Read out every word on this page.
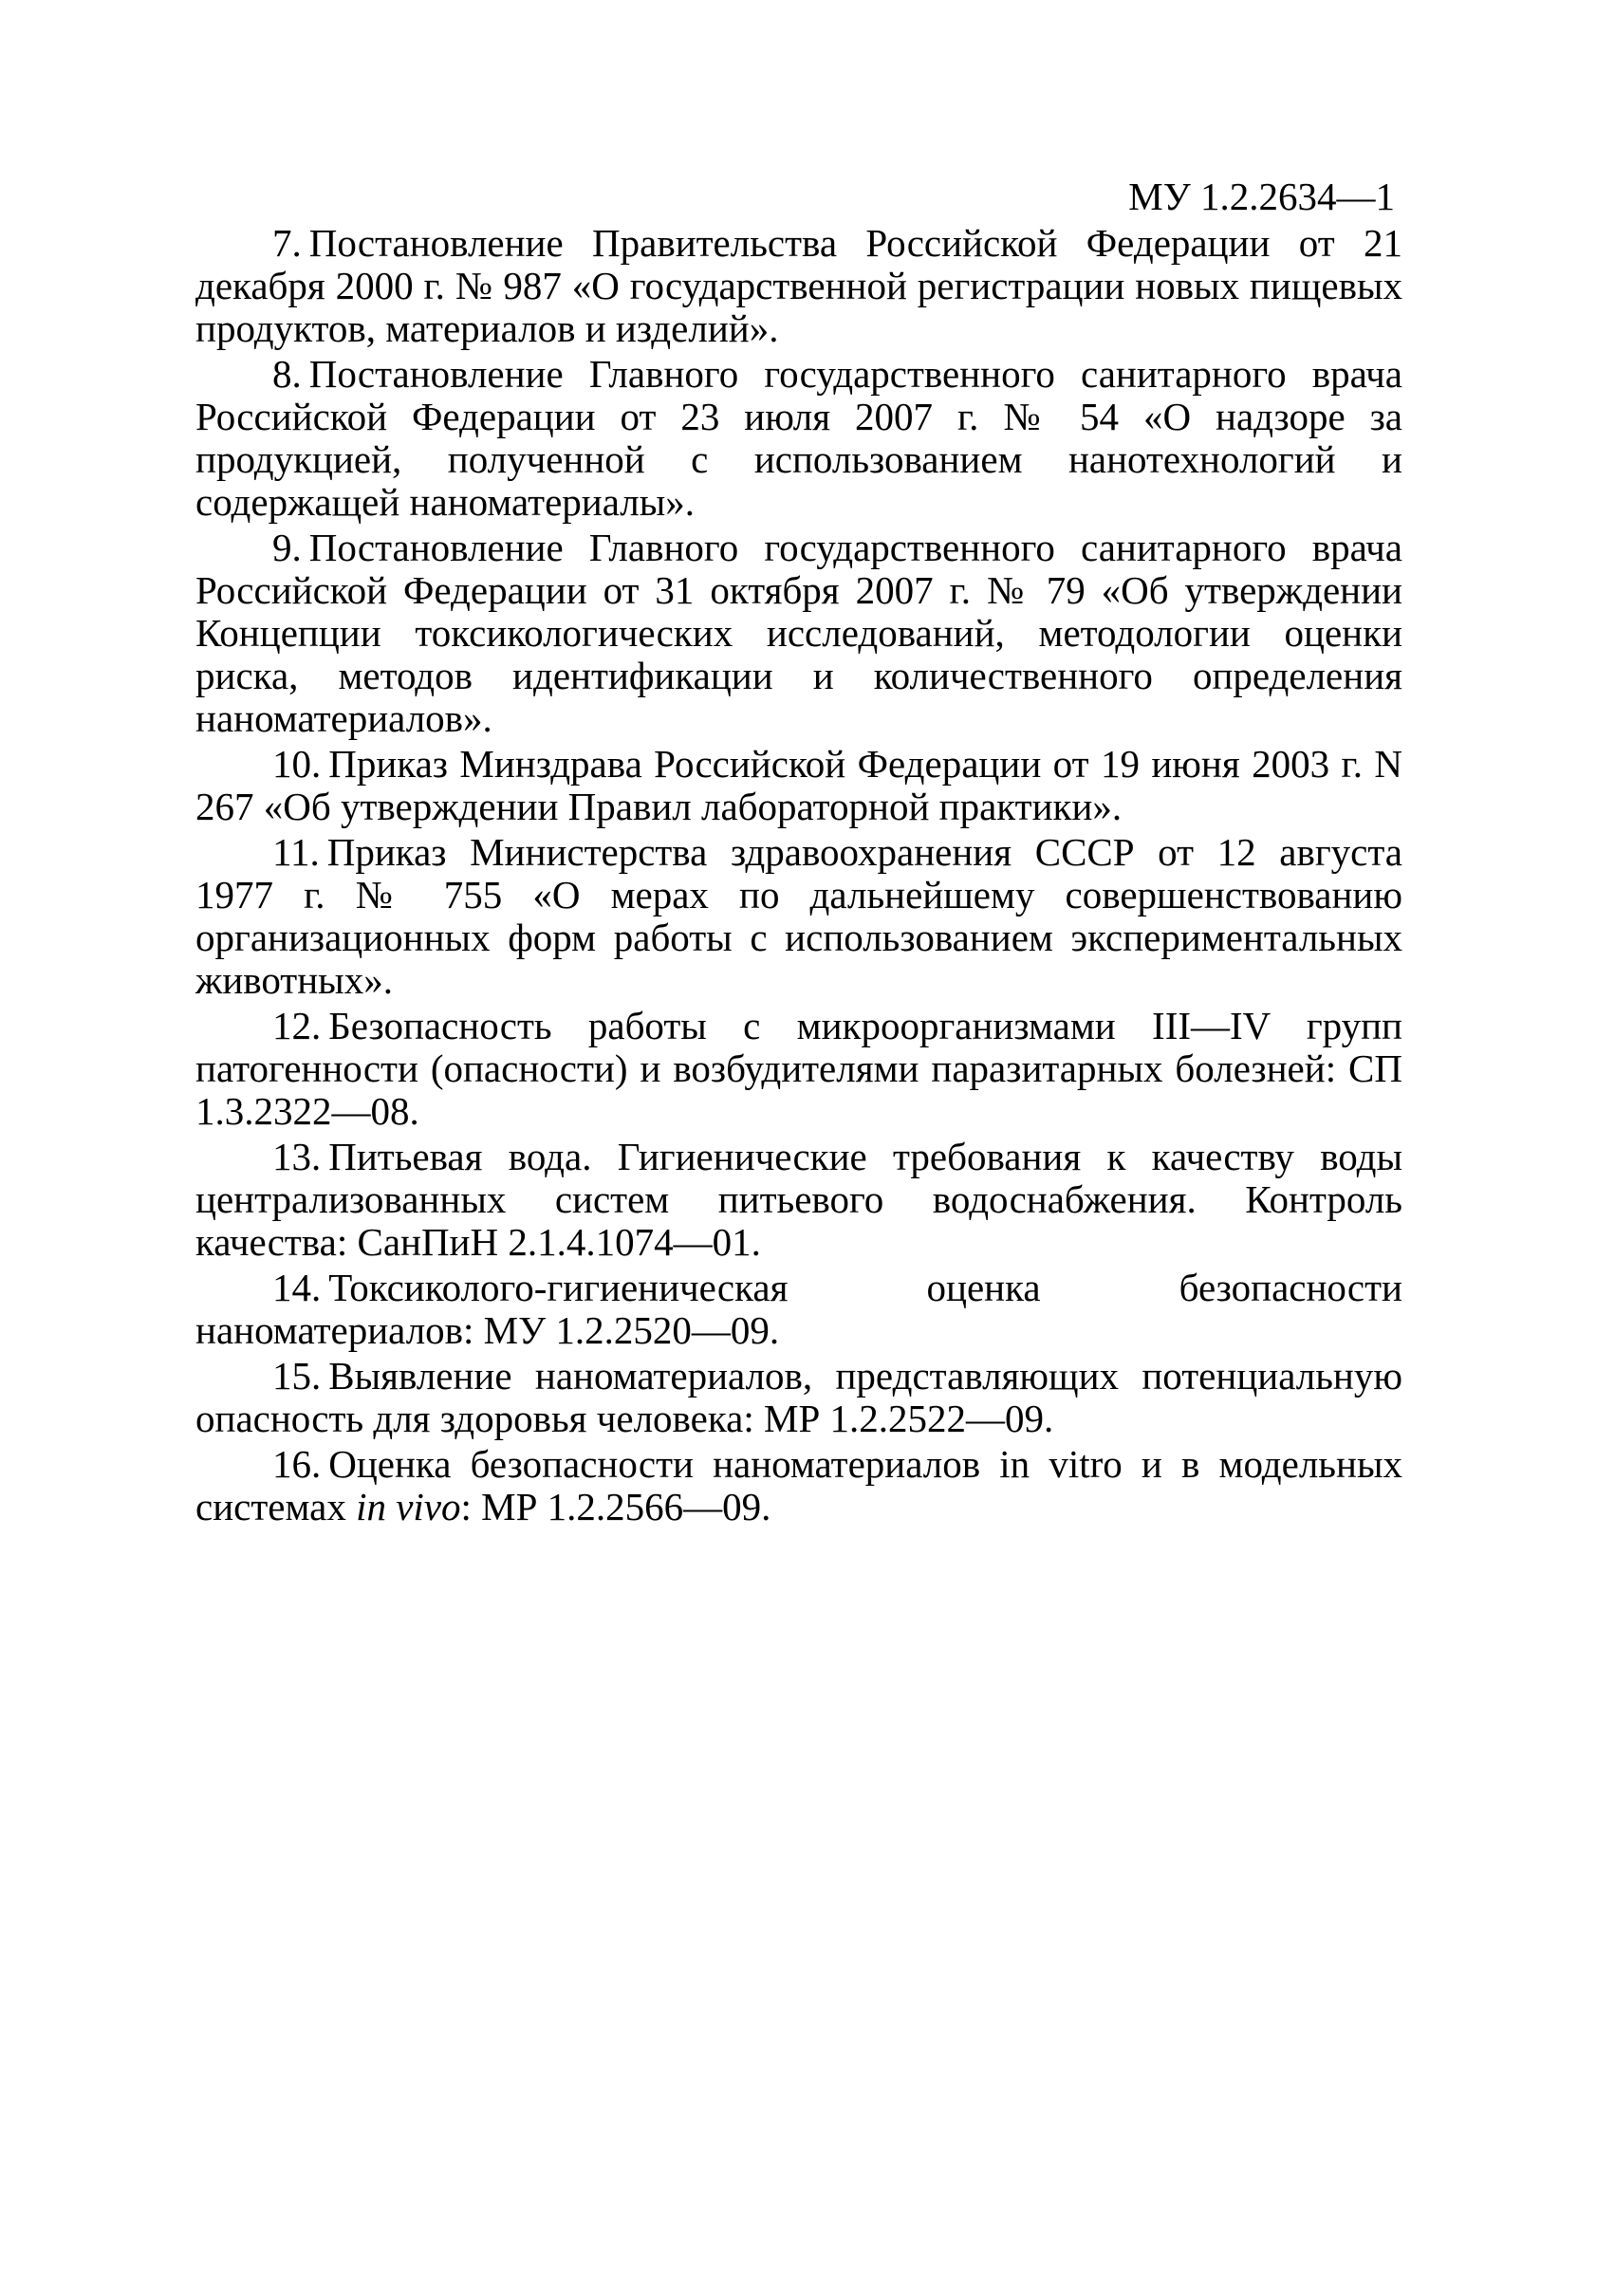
МУ 1.2.2634—1

7. Постановление Правительства Российской Федерации от 21 декабря 2000 г. № 987 «О государственной регистрации новых пищевых продуктов, материалов и изделий».

8. Постановление Главного государственного санитарного врача Российской Федерации от 23 июля 2007 г. № 54 «О надзоре за продукцией, полученной с использованием нанотехнологий и содержащей наноматериалы».

9. Постановление Главного государственного санитарного врача Российской Федерации от 31 октября 2007 г. № 79 «Об утверждении Концепции токсикологических исследований, методологии оценки риска, методов идентификации и количественного определения наноматериалов».

10. Приказ Минздрава Российской Федерации от 19 июня 2003 г. N 267 «Об утверждении Правил лабораторной практики».

11. Приказ Министерства здравоохранения СССР от 12 августа 1977 г. № 755 «О мерах по дальнейшему совершенствованию организационных форм работы с использованием экспериментальных животных».

12. Безопасность работы с микроорганизмами III—IV групп патогенности (опасности) и возбудителями паразитарных болезней: СП 1.3.2322—08.

13. Питьевая вода. Гигиенические требования к качеству воды централизованных систем питьевого водоснабжения. Контроль качества: СанПиН 2.1.4.1074—01.

14. Токсиколого-гигиеническая оценка безопасности наноматериалов: МУ 1.2.2520—09.

15. Выявление наноматериалов, представляющих потенциальную опасность для здоровья человека: МР 1.2.2522—09.

16. Оценка безопасности наноматериалов in vitro и в модельных системах in vivo: МР 1.2.2566—09.
